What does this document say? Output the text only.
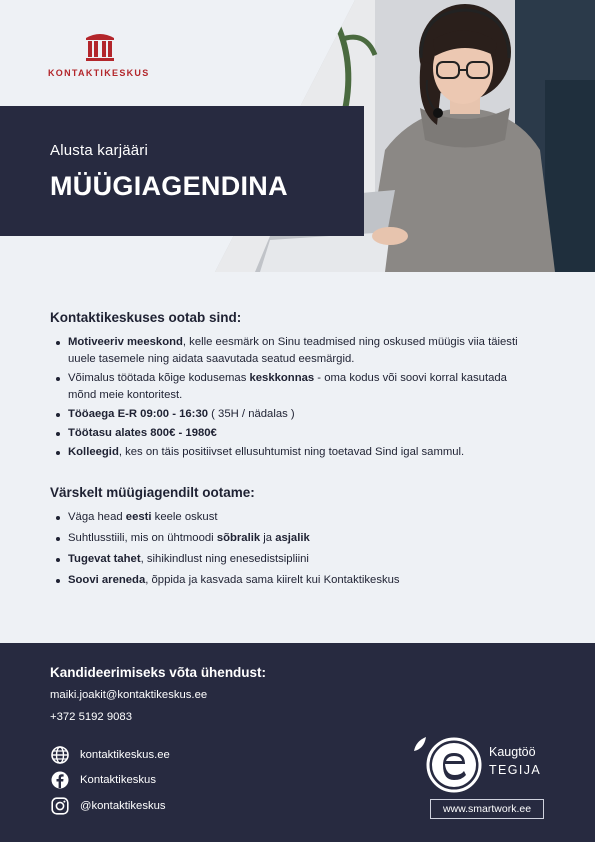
KONTAKTIKESKUS
Alusta karjääri
MÜÜGIAGENDINA
Kontaktikeskuses ootab sind:
Motiveeriv meeskond, kelle eesmärk on Sinu teadmised ning oskused müügis viia täiesti uuele tasemele ning aidata saavutada seatud eesmärgid.
Võimalus töötada kõige kodusemas keskkonnas - oma kodus või soovi korral kasutada mõnd meie kontoritest.
Tööaega E-R 09:00 - 16:30 ( 35H / nädalas )
Töötasu alates 800€ - 1980€
Kolleegid, kes on täis positiivset ellusuhtumist ning toetavad Sind igal sammul.
Värskelt müügiagendilt ootame:
Väga head eesti keele oskust
Suhtlusstiili, mis on ühtmoodi sõbralik ja asjalik
Tugevat tahet, sihikindlust ning enesedistsipliini
Soovi areneda, õppida ja kasvada sama kiirelt kui Kontaktikeskus
Kandideerimiseks võta ühendust:
maiki.joakit@kontaktikeskus.ee
+372 5192 9083
kontaktikeskus.ee
Kontaktikeskus
@kontaktikeskus
Kaugtöö
TEGIJA
www.smartwork.ee
